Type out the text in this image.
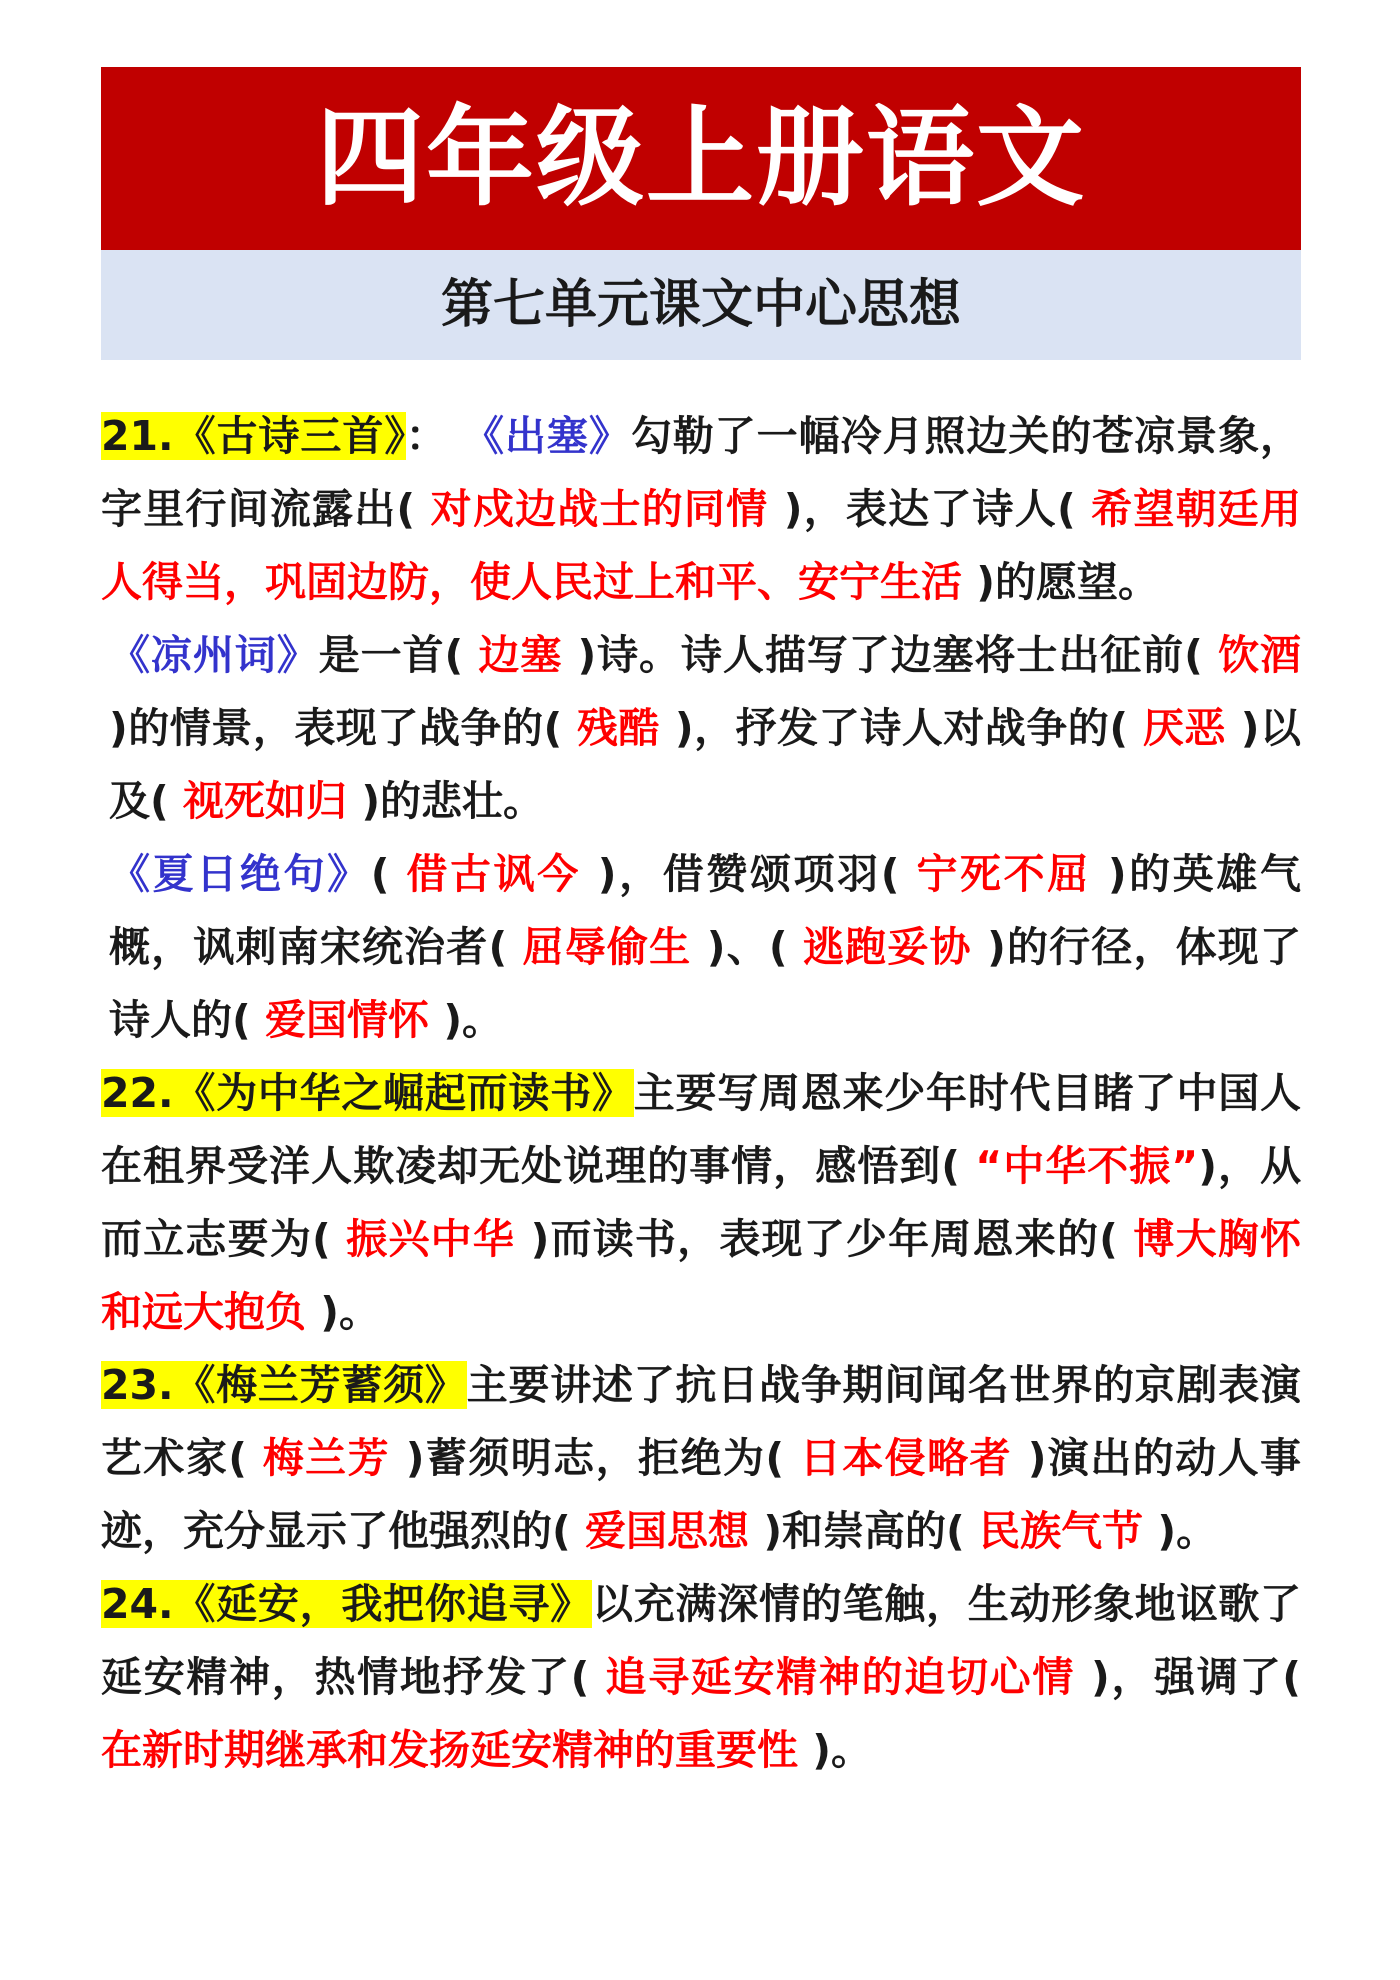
四年级上册语文
第七单元课文中心思想

21.《古诗三首》： 《出塞》勾勒了一幅冷月照边关的苍凉景象，字里行间流露出( 对戍边战士的同情 )，表达了诗人( 希望朝廷用人得当，巩固边防，使人民过上和平、安宁生活 )的愿望。

《凉州词》是一首( 边塞 )诗。诗人描写了边塞将士出征前( 饮酒 )的情景，表现了战争的( 残酷 )，抒发了诗人对战争的( 厌恶 )以及( 视死如归 )的悲壮。

《夏日绝句》( 借古讽今 )，借赞颂项羽( 宁死不屈 )的英雄气概，讽刺南宋统治者( 屈辱偷生 )、( 逃跑妥协 )的行径，体现了诗人的( 爱国情怀 )。

22.《为中华之崛起而读书》主要写周恩来少年时代目睹了中国人在租界受洋人欺凌却无处说理的事情，感悟到( “中华不振”)，从而立志要为( 振兴中华 )而读书，表现了少年周恩来的( 博大胸怀和远大抱负 )。

23.《梅兰芳蓄须》主要讲述了抗日战争期间闻名世界的京剧表演艺术家( 梅兰芳 )蓄须明志，拒绝为( 日本侵略者 )演出的动人事迹，充分显示了他强烈的( 爱国思想 )和崇高的( 民族气节 )。

24.《延安，我把你追寻》以充满深情的笔触，生动形象地讴歌了延安精神，热情地抒发了( 追寻延安精神的迫切心情 )，强调了( 在新时期继承和发扬延安精神的重要性 )。
